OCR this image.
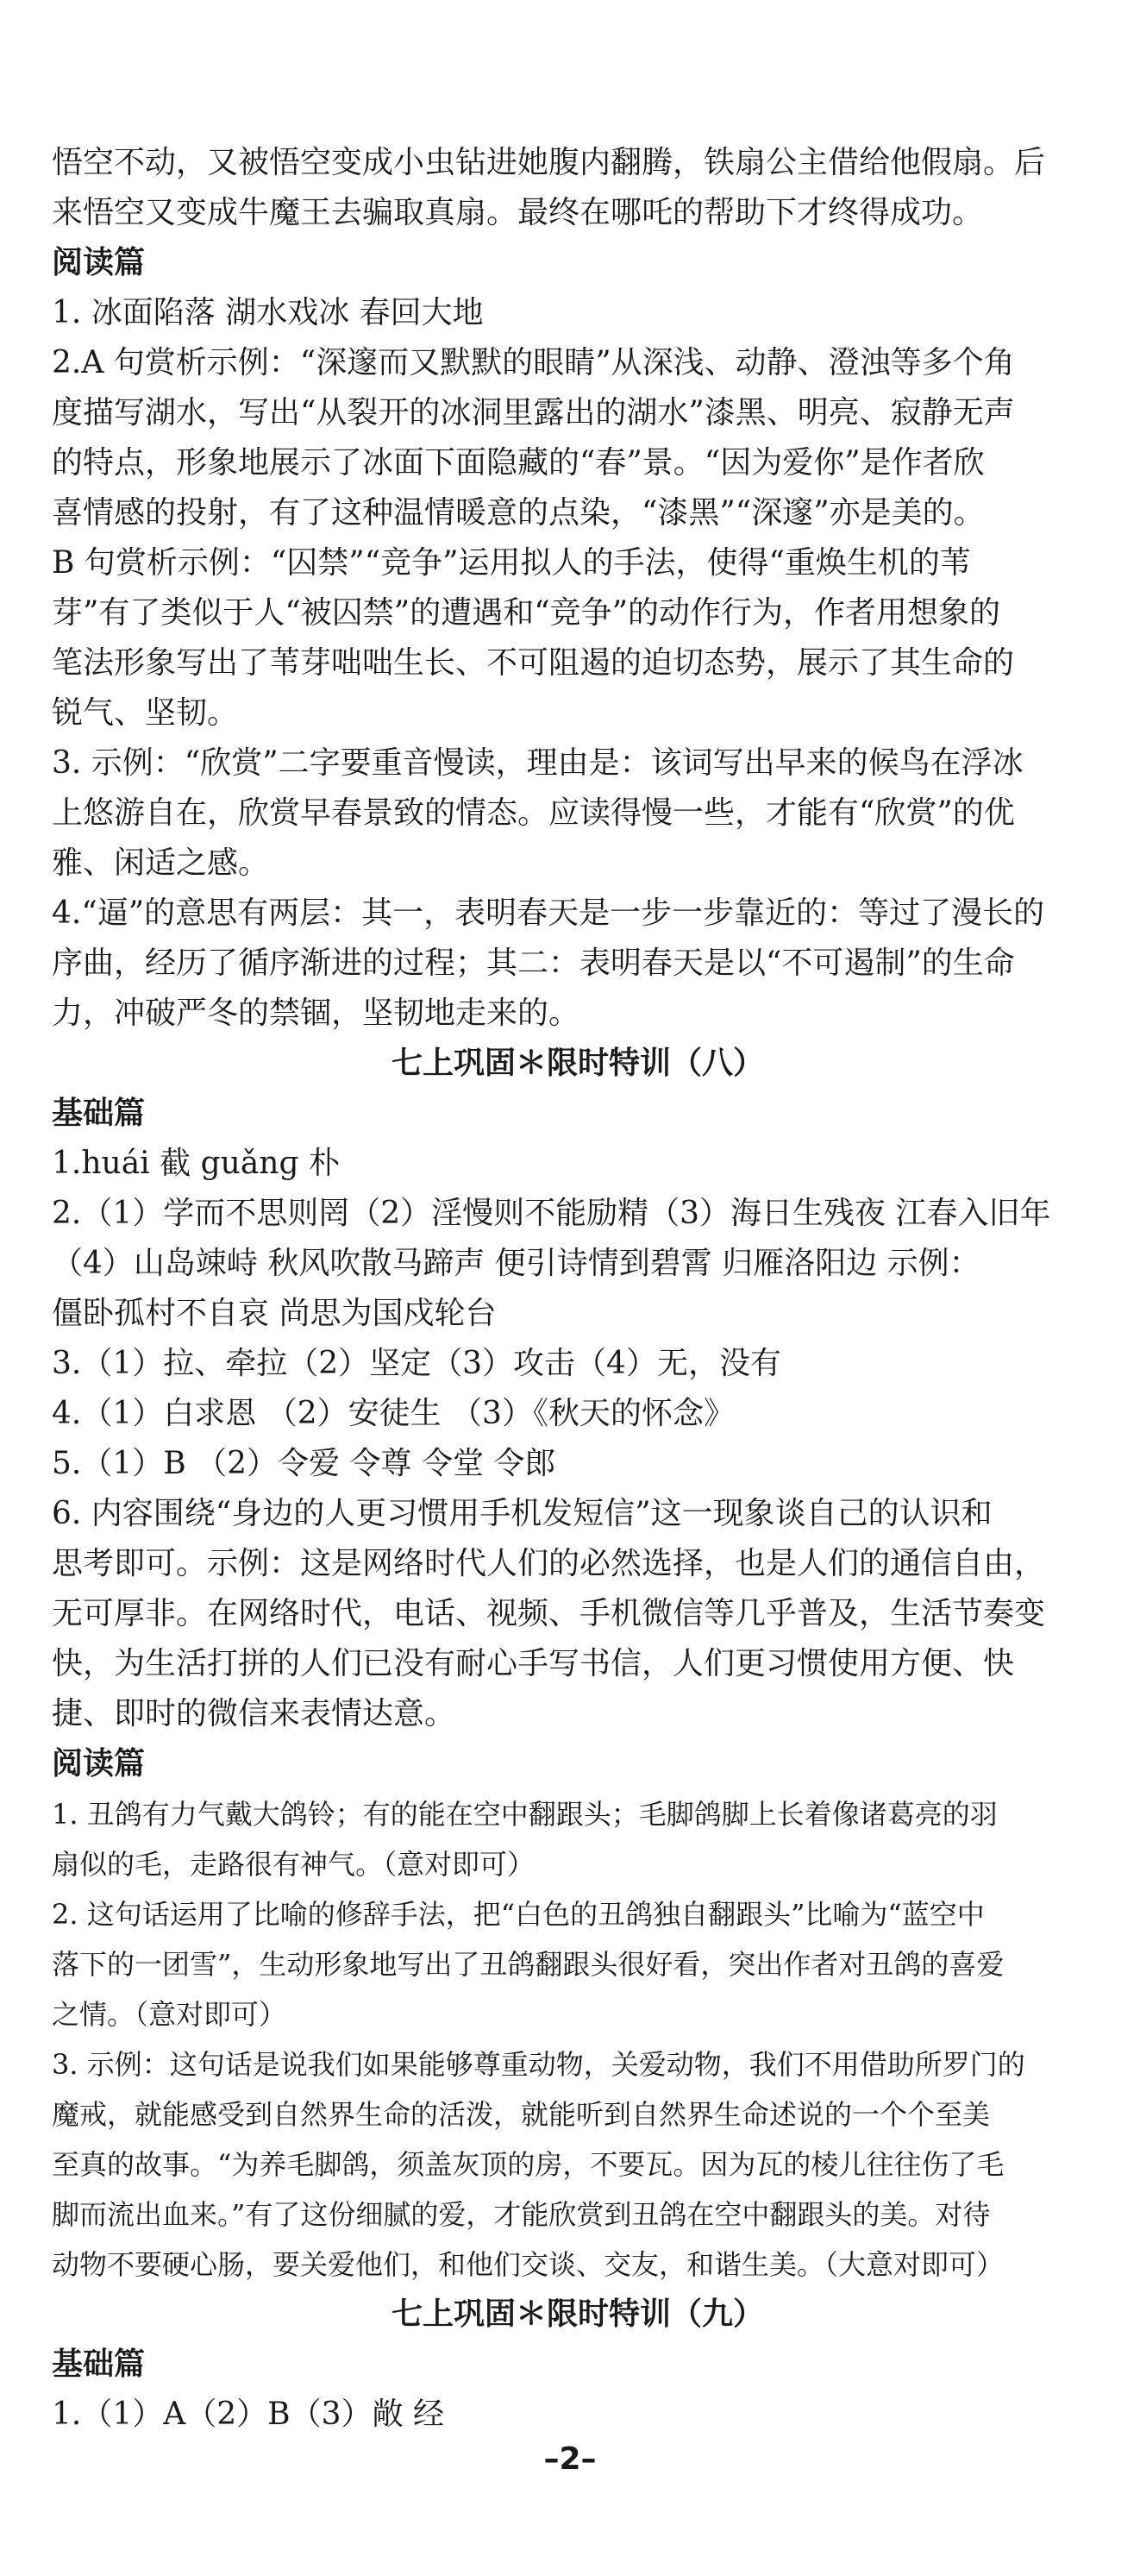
悟空不动，又被悟空变成小虫钻进她腹内翻腾，铁扇公主借给他假扇。后
来悟空又变成牛魔王去骗取真扇。最终在哪吒的帮助下才终得成功。
阅读篇
1. 冰面陷落 湖水戏冰 春回大地
2.A 句赏析示例：“深邃而又默默的眼睛”从深浅、动静、澄浊等多个角
度描写湖水，写出“从裂开的冰洞里露出的湖水”漆黑、明亮、寂静无声
的特点，形象地展示了冰面下面隐藏的“春”景。“因为爱你”是作者欣
喜情感的投射，有了这种温情暖意的点染，“漆黑”“深邃”亦是美的。
B 句赏析示例：“囚禁”“竞争”运用拟人的手法，使得“重焕生机的苇
芽”有了类似于人“被囚禁”的遭遇和“竞争”的动作行为，作者用想象的
笔法形象写出了苇芽咄咄生长、不可阻遏的迫切态势，展示了其生命的
锐气、坚韧。
3. 示例：“欣赏”二字要重音慢读，理由是：该词写出早来的候鸟在浮冰
上悠游自在，欣赏早春景致的情态。应读得慢一些，才能有“欣赏”的优
雅、闲适之感。
4.“逼”的意思有两层：其一，表明春天是一步一步靠近的：等过了漫长的
序曲，经历了循序渐进的过程；其二：表明春天是以“不可遏制”的生命
力，冲破严冬的禁锢，坚韧地走来的。
七上巩固＊限时特训（八）
基础篇
1.huái 截 guǎnɡ 朴
2.（1）学而不思则罔（2）淫慢则不能励精（3）海日生残夜 江春入旧年
（4）山岛竦峙 秋风吹散马蹄声 便引诗情到碧霄 归雁洛阳边 示例：
僵卧孤村不自哀 尚思为国戍轮台
3.（1）拉、牵拉（2）坚定（3）攻击（4）无，没有
4.（1）白求恩 （2）安徒生 （3）《秋天的怀念》
5.（1）B （2）令爱 令尊 令堂 令郎
6. 内容围绕“身边的人更习惯用手机发短信”这一现象谈自己的认识和
思考即可。示例：这是网络时代人们的必然选择，也是人们的通信自由，
无可厚非。在网络时代，电话、视频、手机微信等几乎普及，生活节奏变
快，为生活打拼的人们已没有耐心手写书信，人们更习惯使用方便、快
捷、即时的微信来表情达意。
阅读篇
1. 丑鸽有力气戴大鸽铃；有的能在空中翻跟头；毛脚鸽脚上长着像诸葛亮的羽
扇似的毛，走路很有神气。（意对即可）
2. 这句话运用了比喻的修辞手法，把“白色的丑鸽独自翻跟头”比喻为“蓝空中
落下的一团雪”，生动形象地写出了丑鸽翻跟头很好看，突出作者对丑鸽的喜爱
之情。（意对即可）
3. 示例：这句话是说我们如果能够尊重动物，关爱动物，我们不用借助所罗门的
魔戒，就能感受到自然界生命的活泼，就能听到自然界生命述说的一个个至美
至真的故事。“为养毛脚鸽，须盖灰顶的房，不要瓦。因为瓦的棱儿往往伤了毛
脚而流出血来。”有了这份细腻的爱，才能欣赏到丑鸽在空中翻跟头的美。对待
动物不要硬心肠，要关爱他们，和他们交谈、交友，和谐生美。（大意对即可）
七上巩固＊限时特训（九）
基础篇
1.（1）A（2）B（3）敞 经
–2–
